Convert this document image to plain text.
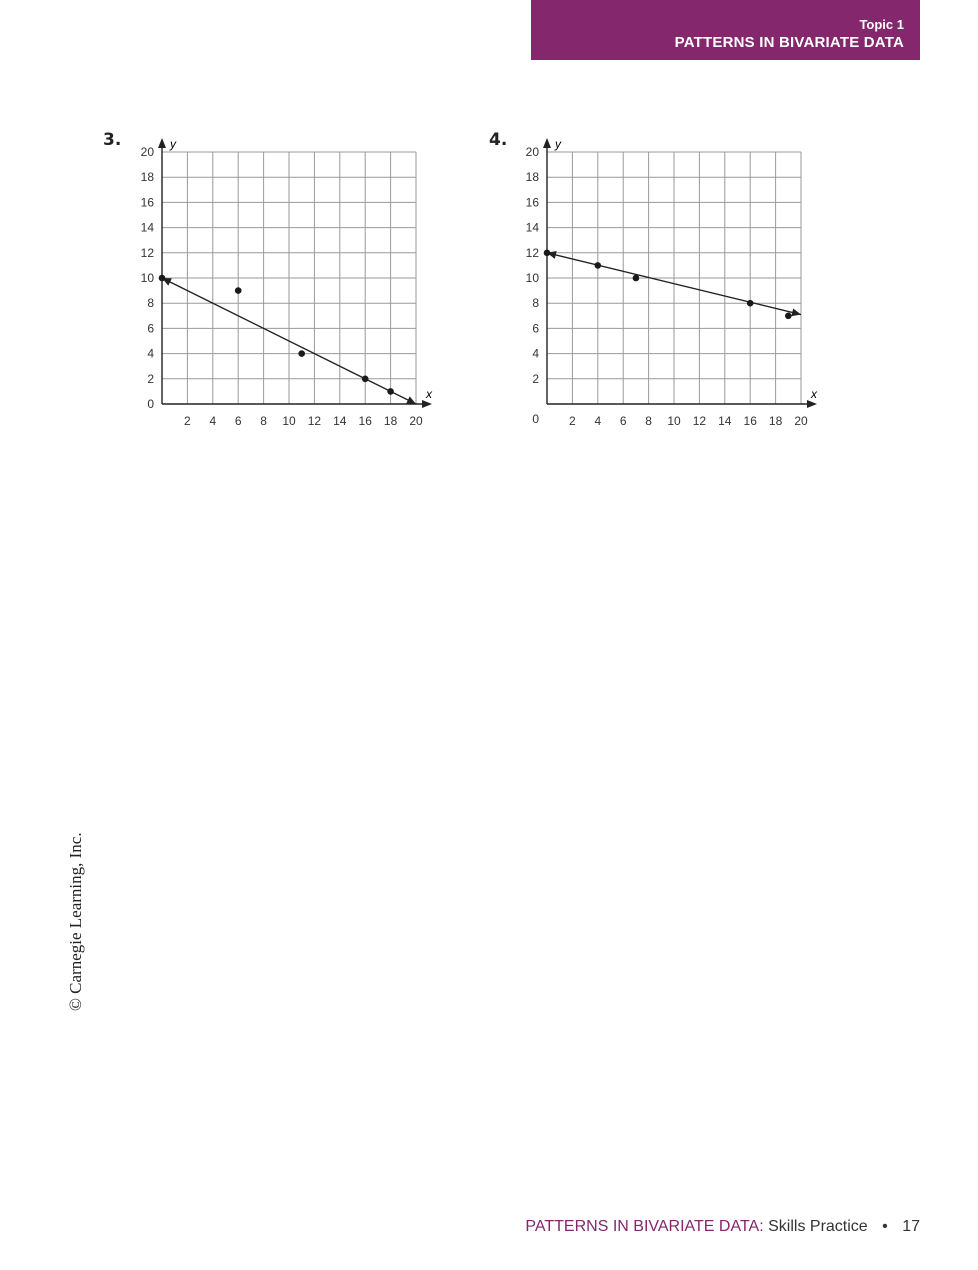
Topic 1
PATTERNS IN BIVARIATE DATA
3.
x
y
2 4 6 8 10 12 14 16 18 20
0
2
4
6
8
10
12
14
16
18
20
4.
x
y
2 4 6 8 10 12 14 16 18 20
2
4
6
8
10
12
14
16
18
20
0
© Carnegie Learning, Inc.
PATTERNS IN BIVARIATE DATA: Skills Practice • 17
